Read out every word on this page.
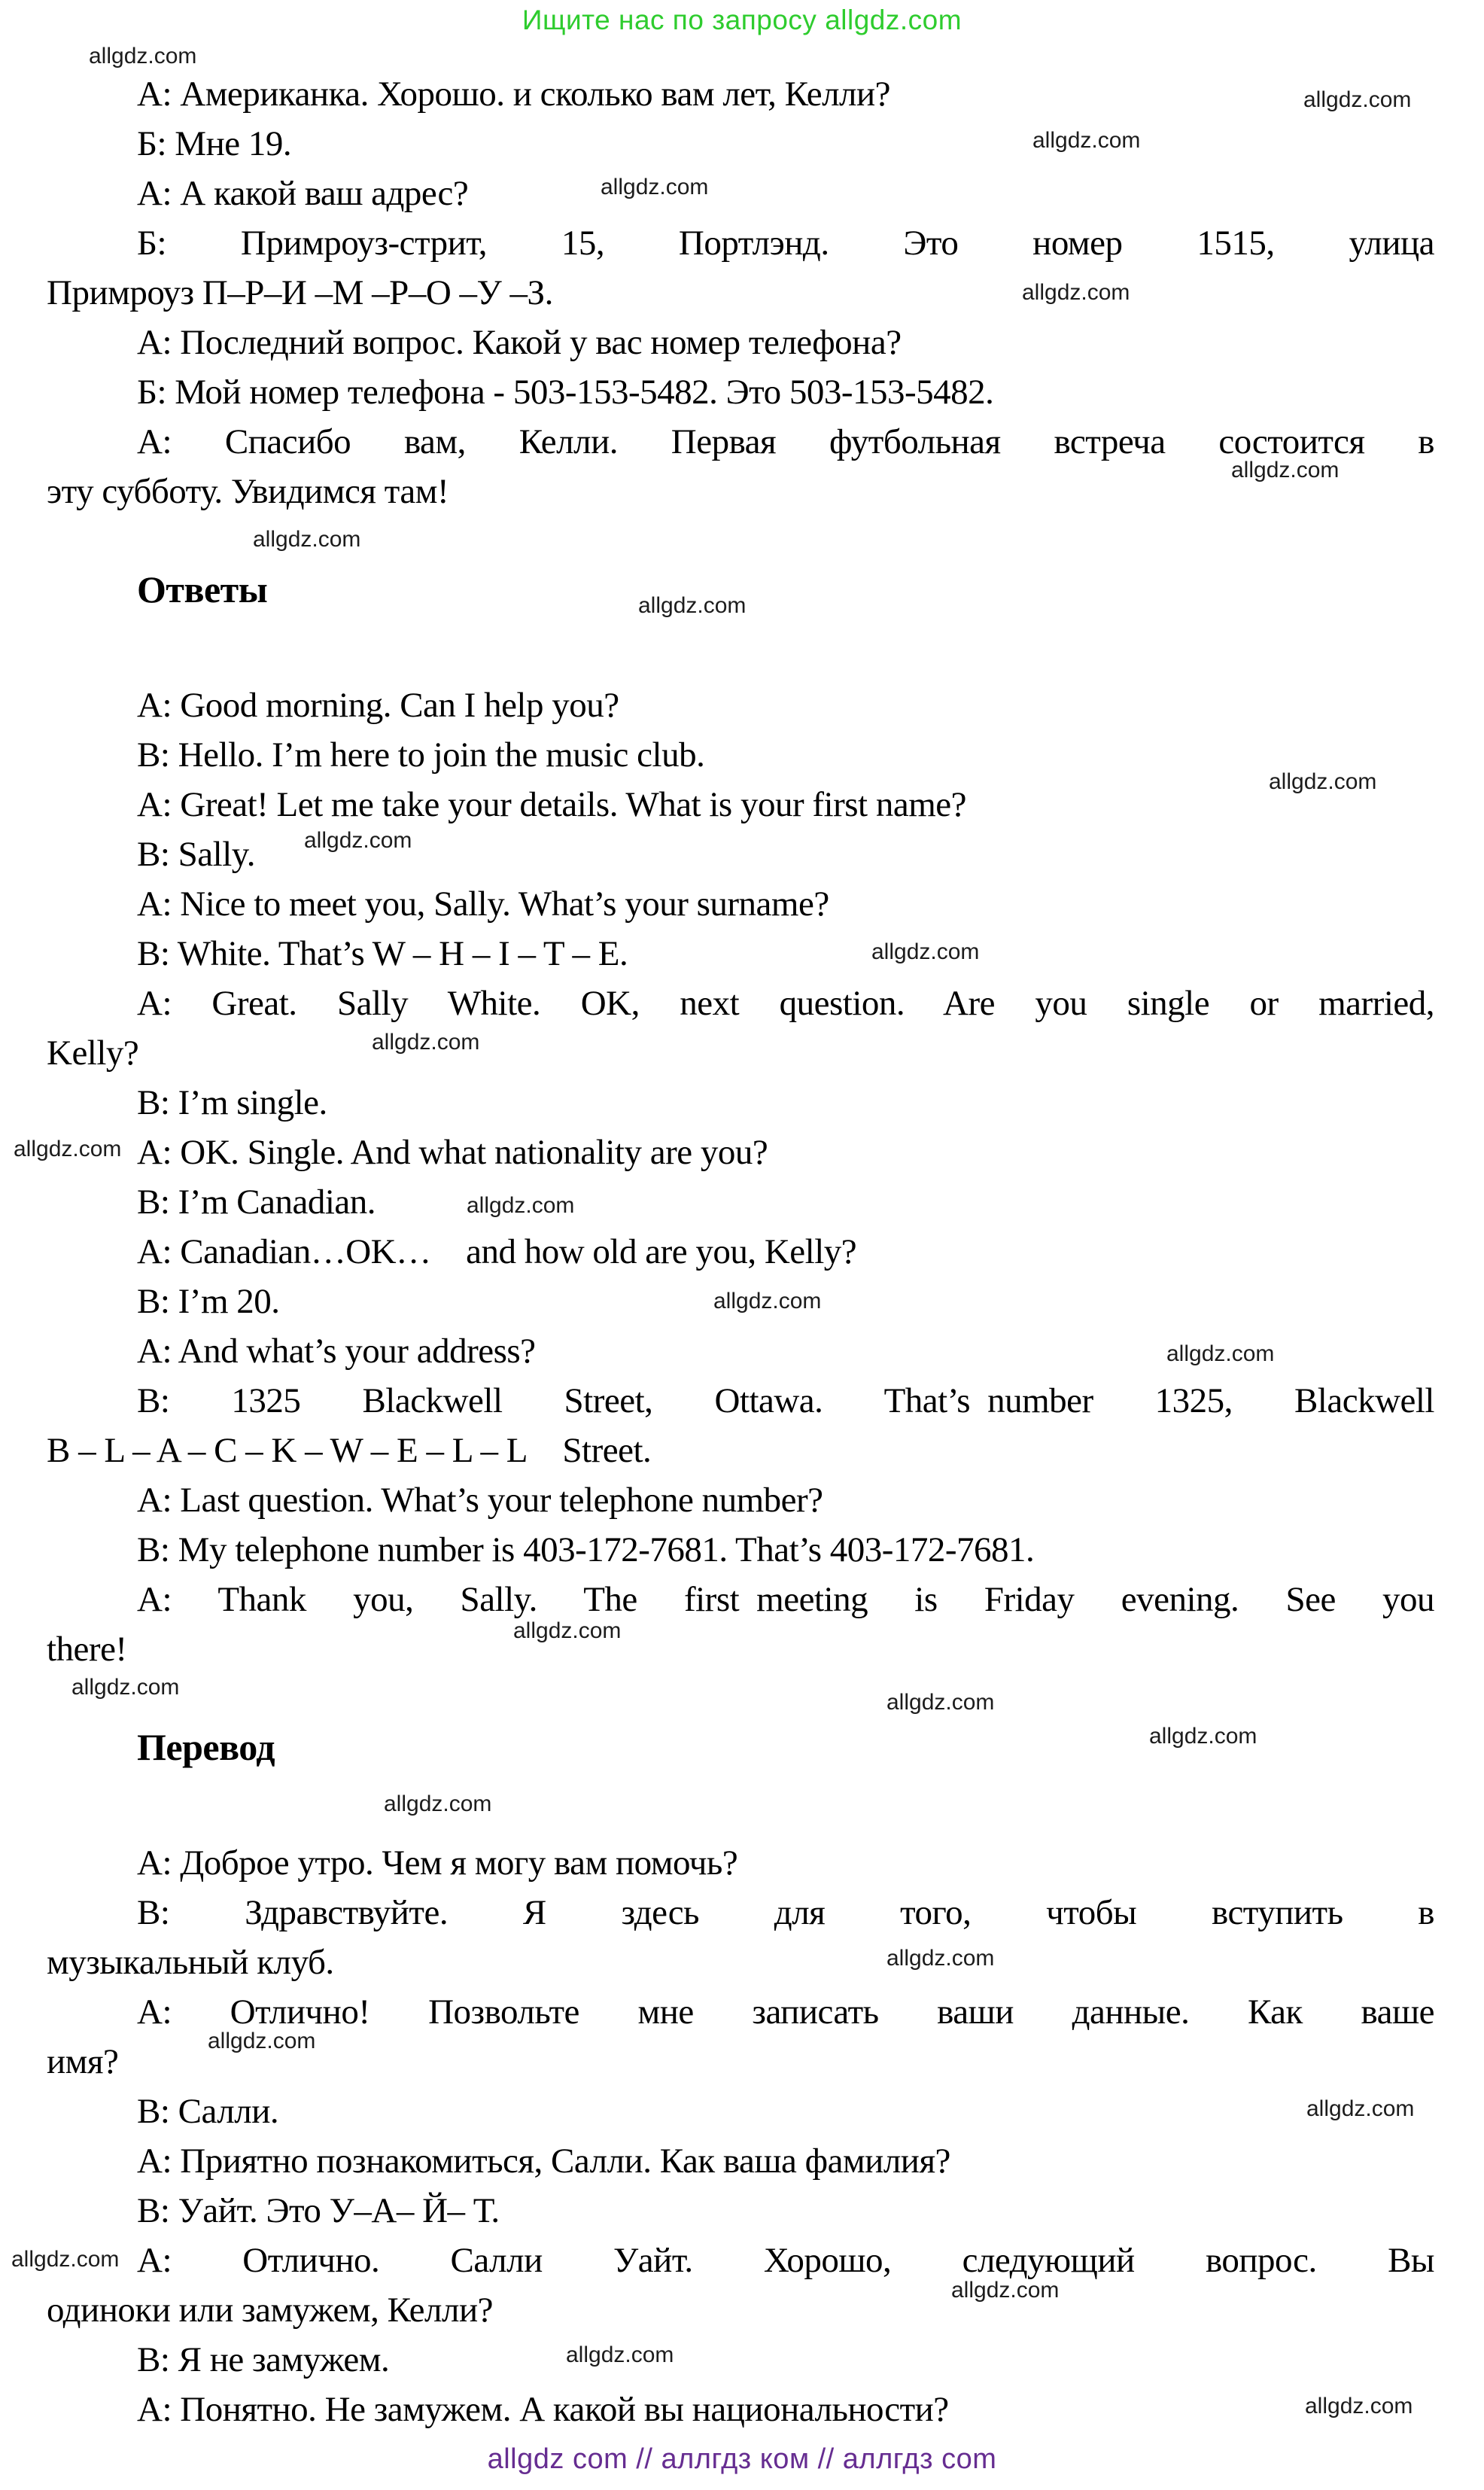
Ищите нас по запросу allgdz.com
А: Американка. Хорошо. и сколько вам лет, Келли?
Б: Мне 19.
А: А какой ваш адрес?
Б: Примроуз-стрит, 15, Портлэнд. Это номер 1515, улица
Примроуз П–Р–И –М –Р–О –У –З.
А: Последний вопрос. Какой у вас номер телефона?
Б: Мой номер телефона - 503-153-5482. Это 503-153-5482.
А: Спасибо вам, Келли. Первая футбольная встреча состоится в
эту субботу. Увидимся там!
Ответы
A: Good morning. Can I help you?
B: Hello. I’m here to join the music club.
A: Great! Let me take your details. What is your first name?
B: Sally.
A: Nice to meet you, Sally. What’s your surname?
B: White. That’s W – H – I – T – E.
A: Great. Sally White. OK, next question. Are you single or married,
Kelly?
B: I’m single.
A: OK. Single. And what nationality are you?
B: I’m Canadian.
A: Canadian…OK… and how old are you, Kelly?
B: I’m 20.
A: And what’s your address?
B: 1325 Blackwell Street, Ottawa. That’s number 1325, Blackwell
B – L – A – C – K – W – E – L – L Street.
A: Last question. What’s your telephone number?
B: My telephone number is 403-172-7681. That’s 403-172-7681.
A: Thank you, Sally. The first meeting is Friday evening. See you
there!
Перевод
А: Доброе утро. Чем я могу вам помочь?
В: Здравствуйте. Я здесь для того, чтобы вступить в
музыкальный клуб.
А: Отлично! Позвольте мне записать ваши данные. Как ваше
имя?
В: Салли.
А: Приятно познакомиться, Салли. Как ваша фамилия?
В: Уайт. Это У–А– Й– Т.
А: Отлично. Салли Уайт. Хорошо, следующий вопрос. Вы
одиноки или замужем, Келли?
В: Я не замужем.
А: Понятно. Не замужем. А какой вы национальности?
allgdz.com
allgdz.com
allgdz.com
allgdz.com
allgdz.com
allgdz.com
allgdz.com
allgdz.com
allgdz.com
allgdz.com
allgdz.com
allgdz.com
allgdz.com
allgdz.com
allgdz.com
allgdz.com
allgdz.com
allgdz.com
allgdz.com
allgdz.com
allgdz.com
allgdz.com
allgdz.com
allgdz.com
allgdz.com
allgdz.com
allgdz.com
allgdz.com
allgdz com // аллгдз ком // аллгдз com
